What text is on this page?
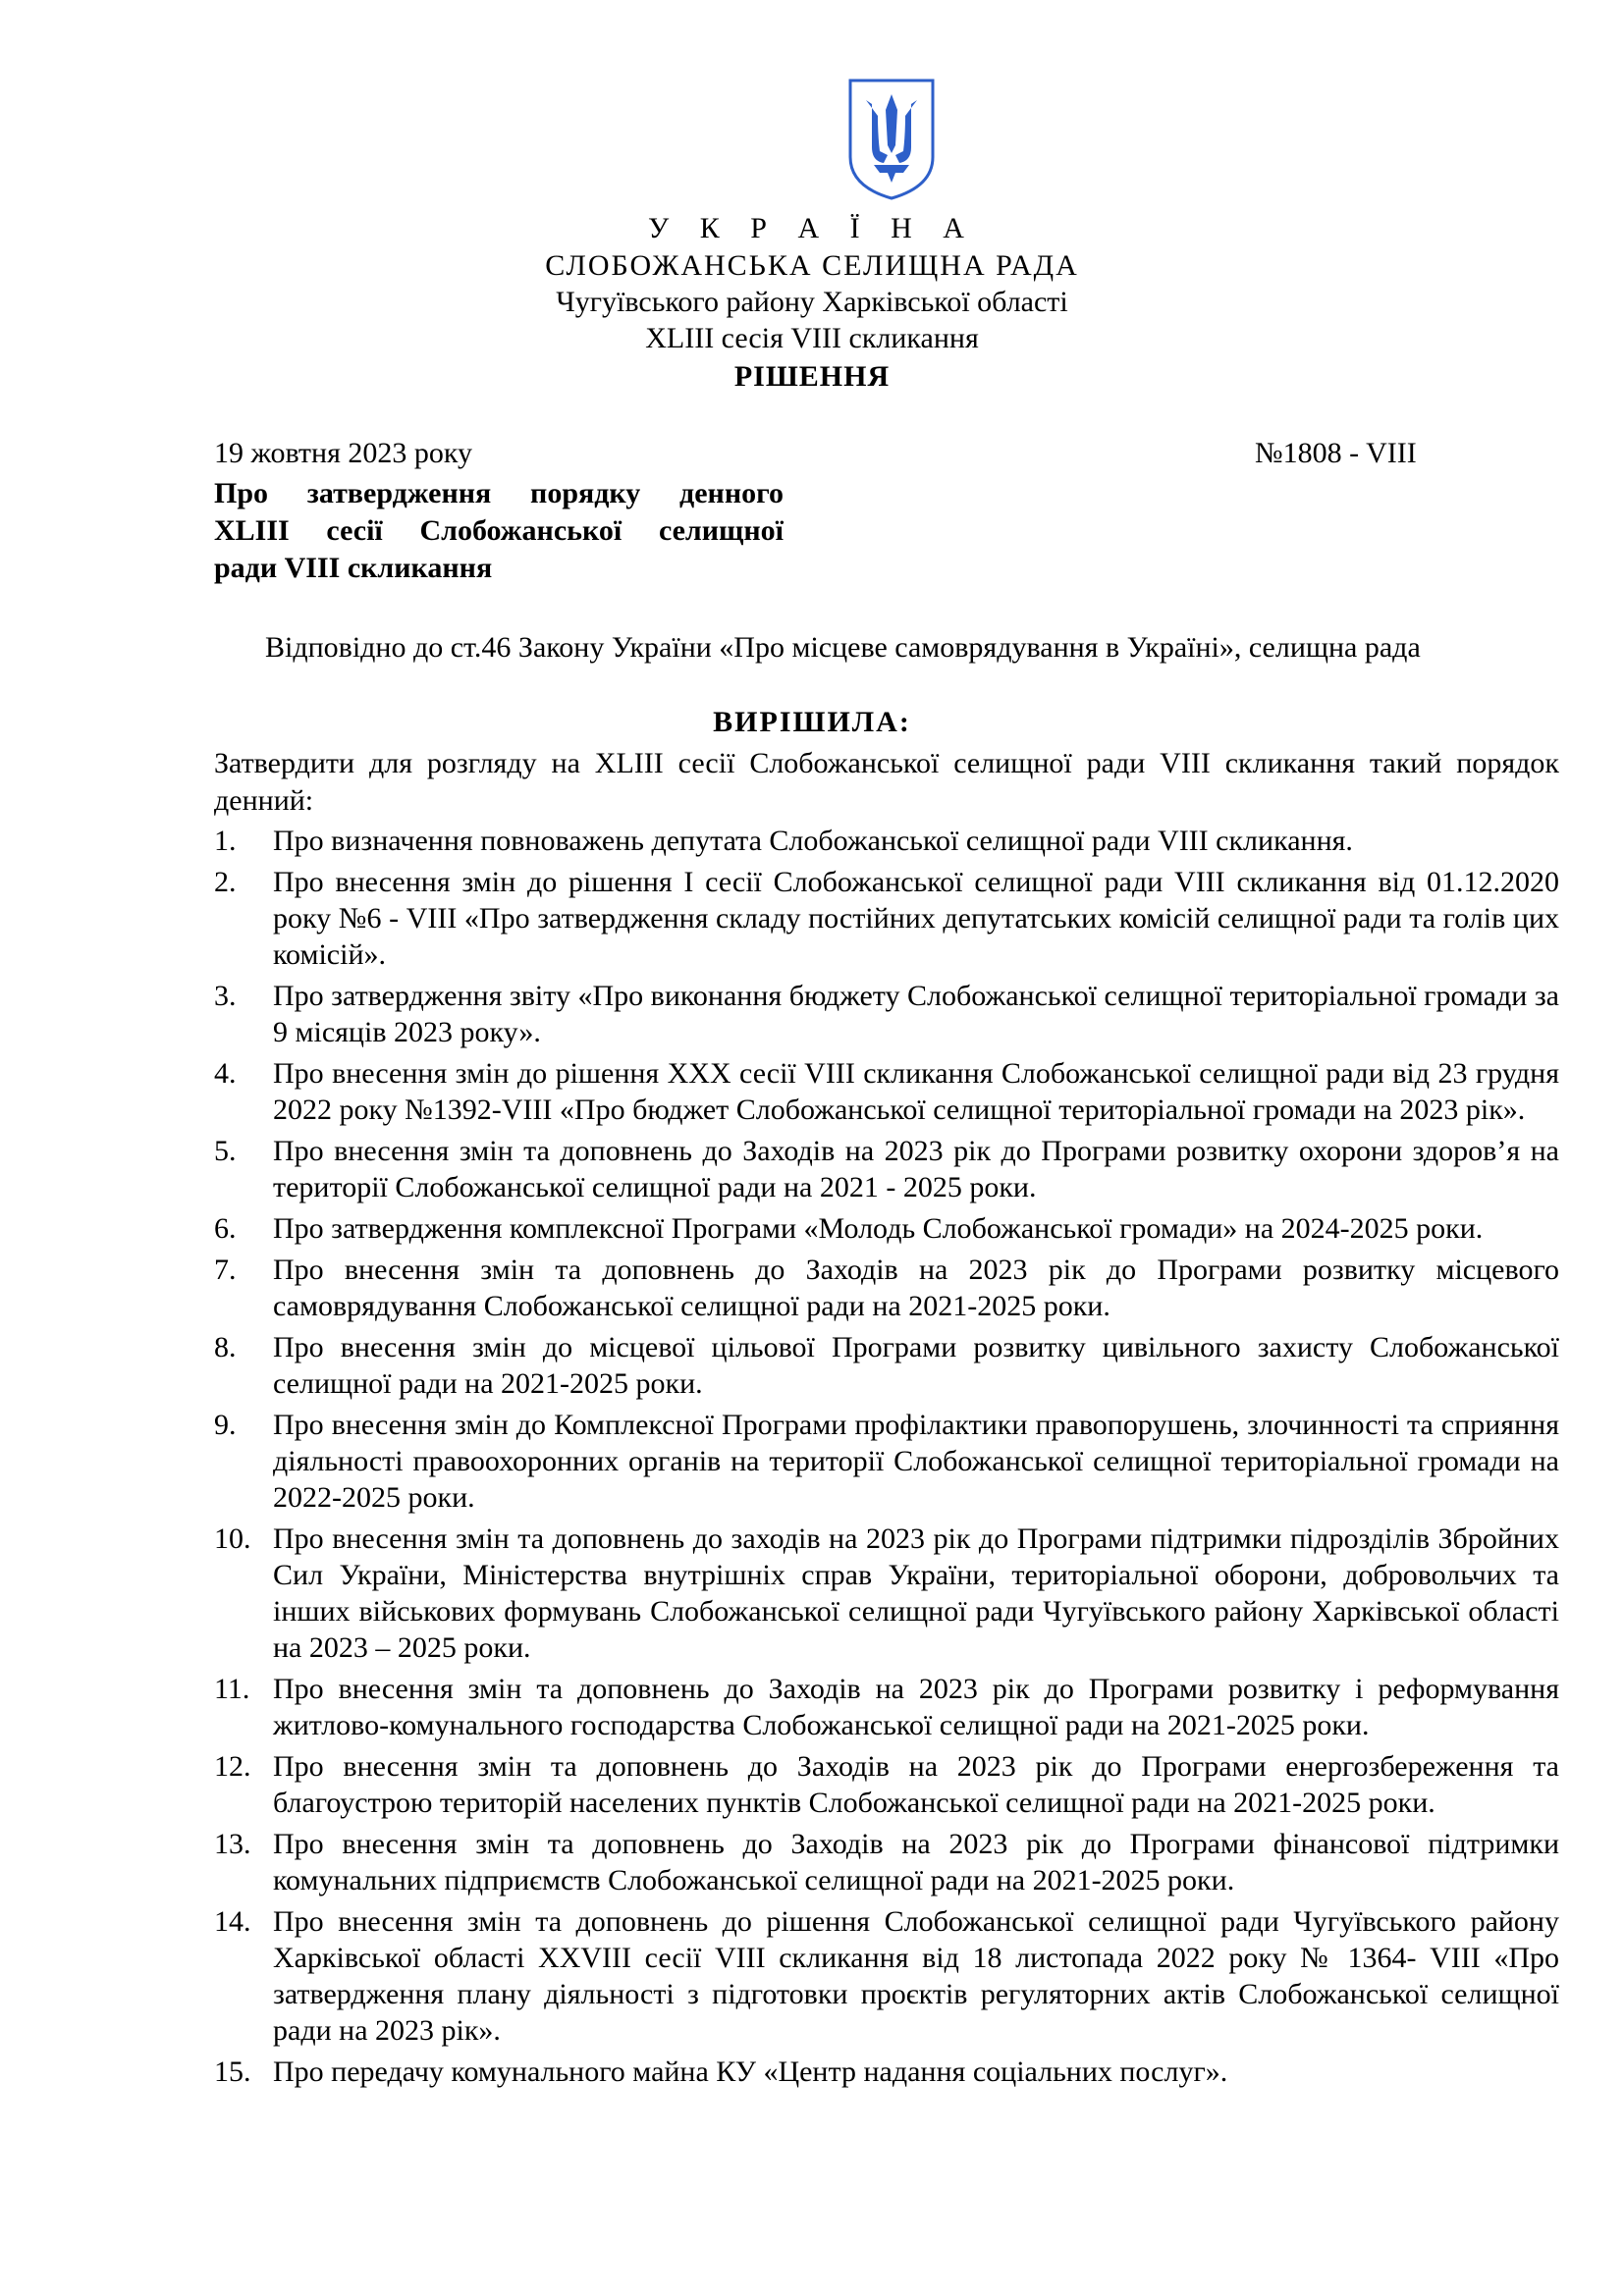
У К Р А Ї Н А
СЛОБОЖАНСЬКА СЕЛИЩНА РАДА
Чугуївського району Харківської області
XLIII сесія VIII скликання
РІШЕННЯ
19 жовтня 2023 року	№1808 - VIII
Про затвердження порядку денного
XLIII сесії Слобожанської селищної
ради VIII скликання
Відповідно до ст.46 Закону України «Про місцеве самоврядування в Україні», селищна рада
ВИРІШИЛА:
Затвердити для розгляду на XLIII сесії Слобожанської селищної ради VIII скликання такий порядок денний:
1. Про визначення повноважень депутата Слобожанської селищної ради VIII скликання.
2. Про внесення змін до рішення I сесії Слобожанської селищної ради VIII скликання від 01.12.2020 року №6 - VIII «Про затвердження складу постійних депутатських комісій селищної ради та голів цих комісій».
3. Про затвердження звіту «Про виконання бюджету Слобожанської селищної територіальної громади за 9 місяців 2023 року».
4. Про внесення змін до рішення XXX сесії VIII скликання Слобожанської селищної ради від 23 грудня 2022 року №1392-VIII «Про бюджет Слобожанської селищної територіальної громади на 2023 рік».
5. Про внесення змін та доповнень до Заходів на 2023 рік до Програми розвитку охорони здоров’я на території Слобожанської селищної ради на 2021 - 2025 роки.
6. Про затвердження комплексної Програми «Молодь Слобожанської громади» на 2024-2025 роки.
7. Про внесення змін та доповнень до Заходів на 2023 рік до Програми розвитку місцевого самоврядування Слобожанської селищної ради на 2021-2025 роки.
8. Про внесення змін до місцевої цільової Програми розвитку цивільного захисту Слобожанської селищної ради на 2021-2025 роки.
9. Про внесення змін до Комплексної Програми профілактики правопорушень, злочинності та сприяння діяльності правоохоронних органів на території Слобожанської селищної територіальної громади на 2022-2025 роки.
10. Про внесення змін та доповнень до заходів на 2023 рік до Програми підтримки підрозділів Збройних Сил України, Міністерства внутрішніх справ України, територіальної оборони, добровольчих та інших військових формувань Слобожанської селищної ради Чугуївського району Харківської області на 2023 – 2025 роки.
11. Про внесення змін та доповнень до Заходів на 2023 рік до Програми розвитку і реформування житлово-комунального господарства Слобожанської селищної ради на 2021-2025 роки.
12. Про внесення змін та доповнень до Заходів на 2023 рік до Програми енергозбереження та благоустрою територій населених пунктів Слобожанської селищної ради на 2021-2025 роки.
13. Про внесення змін та доповнень до Заходів на 2023 рік до Програми фінансової підтримки комунальних підприємств Слобожанської селищної ради на 2021-2025 роки.
14. Про внесення змін та доповнень до рішення Слобожанської селищної ради Чугуївського району Харківської області XXVIII сесії VIII скликання від 18 листопада 2022 року № 1364- VIII «Про затвердження плану діяльності з підготовки проєктів регуляторних актів Слобожанської селищної ради на 2023 рік».
15. Про передачу комунального майна КУ «Центр надання соціальних послуг».
